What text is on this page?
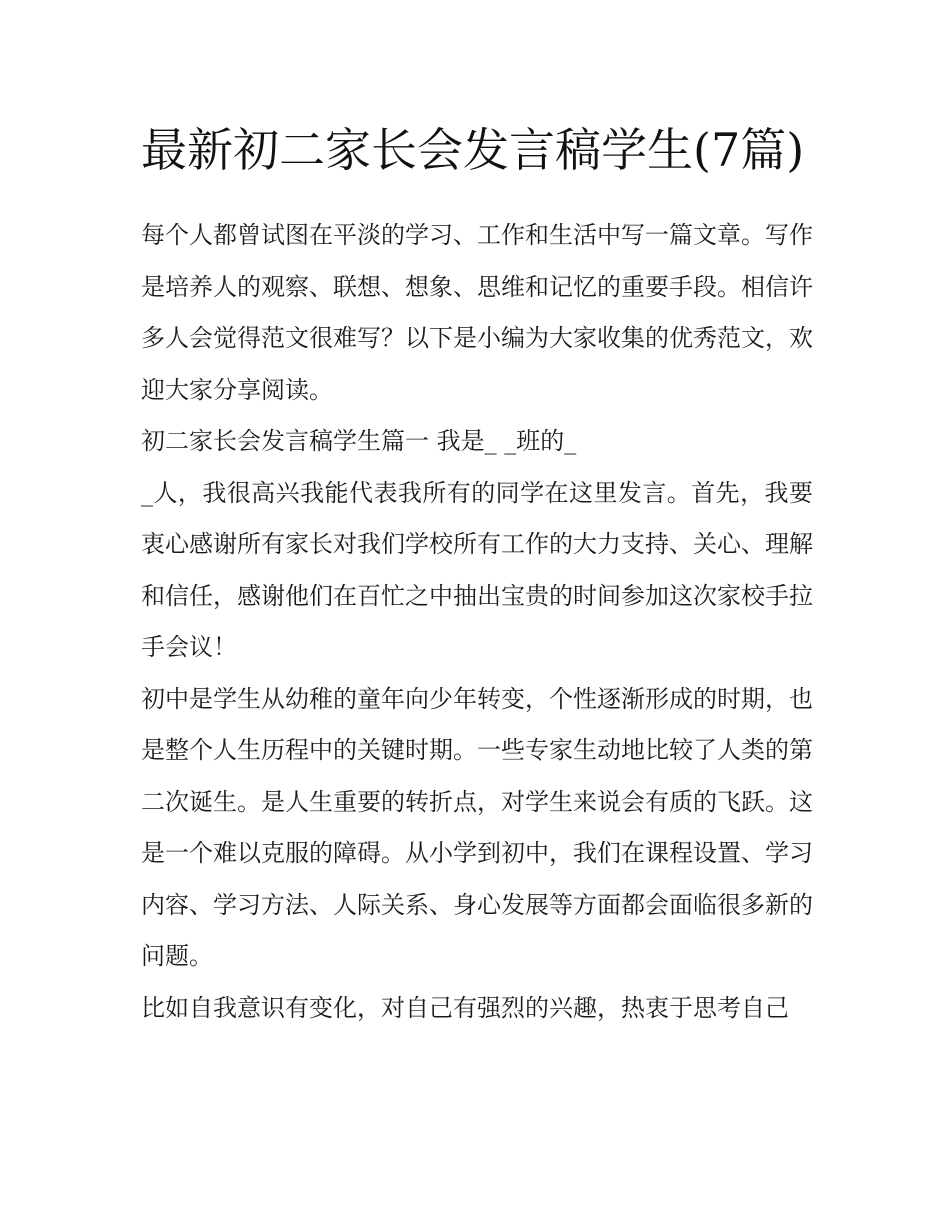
最新初二家长会发言稿学生(7篇)

每个人都曾试图在平淡的学习、工作和生活中写一篇文章。写作是培养人的观察、联想、想象、思维和记忆的重要手段。相信许多人会觉得范文很难写？以下是小编为大家收集的优秀范文，欢迎大家分享阅读。

初二家长会发言稿学生篇一 我是_ _班的_

_人，我很高兴我能代表我所有的同学在这里发言。首先，我要衷心感谢所有家长对我们学校所有工作的大力支持、关心、理解和信任，感谢他们在百忙之中抽出宝贵的时间参加这次家校手拉手会议！

初中是学生从幼稚的童年向少年转变，个性逐渐形成的时期，也是整个人生历程中的关键时期。一些专家生动地比较了人类的第二次诞生。是人生重要的转折点，对学生来说会有质的飞跃。这是一个难以克服的障碍。从小学到初中，我们在课程设置、学习内容、学习方法、人际关系、身心发展等方面都会面临很多新的问题。

比如自我意识有变化，对自己有强烈的兴趣，热衷于思考自己
